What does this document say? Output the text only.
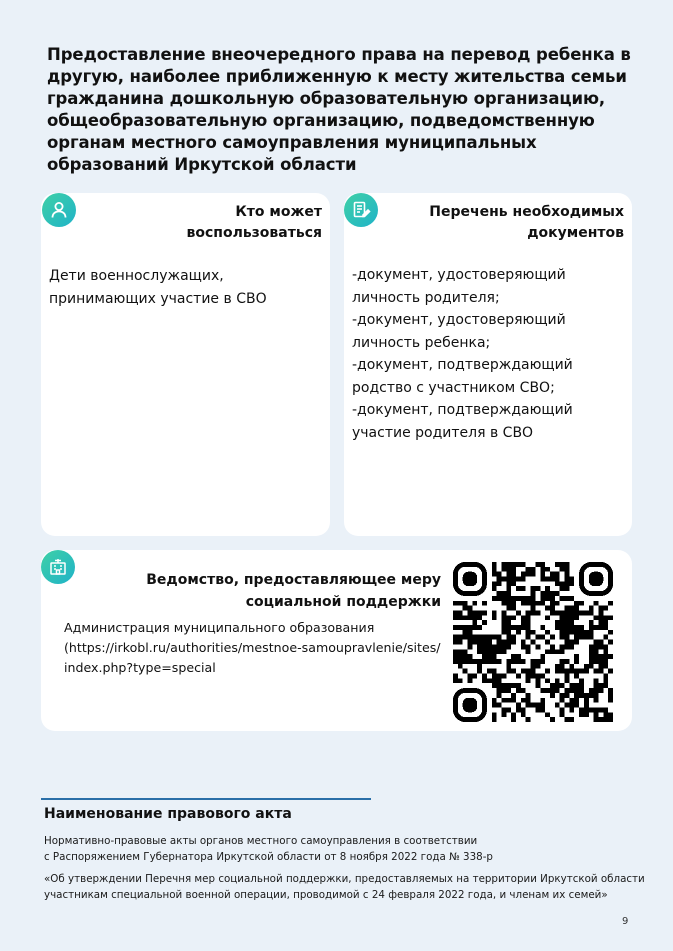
Предоставление внеочередного права на перевод ребенка в другую, наиболее приближенную к месту жительства семьи гражданина дошкольную образовательную организацию, общеобразовательную организацию, подведомственную органам местного самоуправления муниципальных образований Иркутской области
Кто может
воспользоваться
Дети военнослужащих,
принимающих участие в СВО
Перечень необходимых
документов
-документ, удостоверяющий
личность родителя;
-документ, удостоверяющий
личность ребенка;
-документ, подтверждающий
родство с участником СВО;
-документ, подтверждающий
участие родителя в СВО
Ведомство, предоставляющее меру
социальной поддержки
Администрация муниципального образования
(https://irkobl.ru/authorities/mestnoe-samoupravlenie/sites/
index.php?type=special
Наименование правового акта
Нормативно-правовые акты органов местного самоуправления в соответствии
с Распоряжением Губернатора Иркутской области от 8 ноября 2022 года № 338-р
«Об утверждении Перечня мер социальной поддержки, предоставляемых на территории Иркутской области
участникам специальной военной операции, проводимой с 24 февраля 2022 года, и членам их семей»
9
